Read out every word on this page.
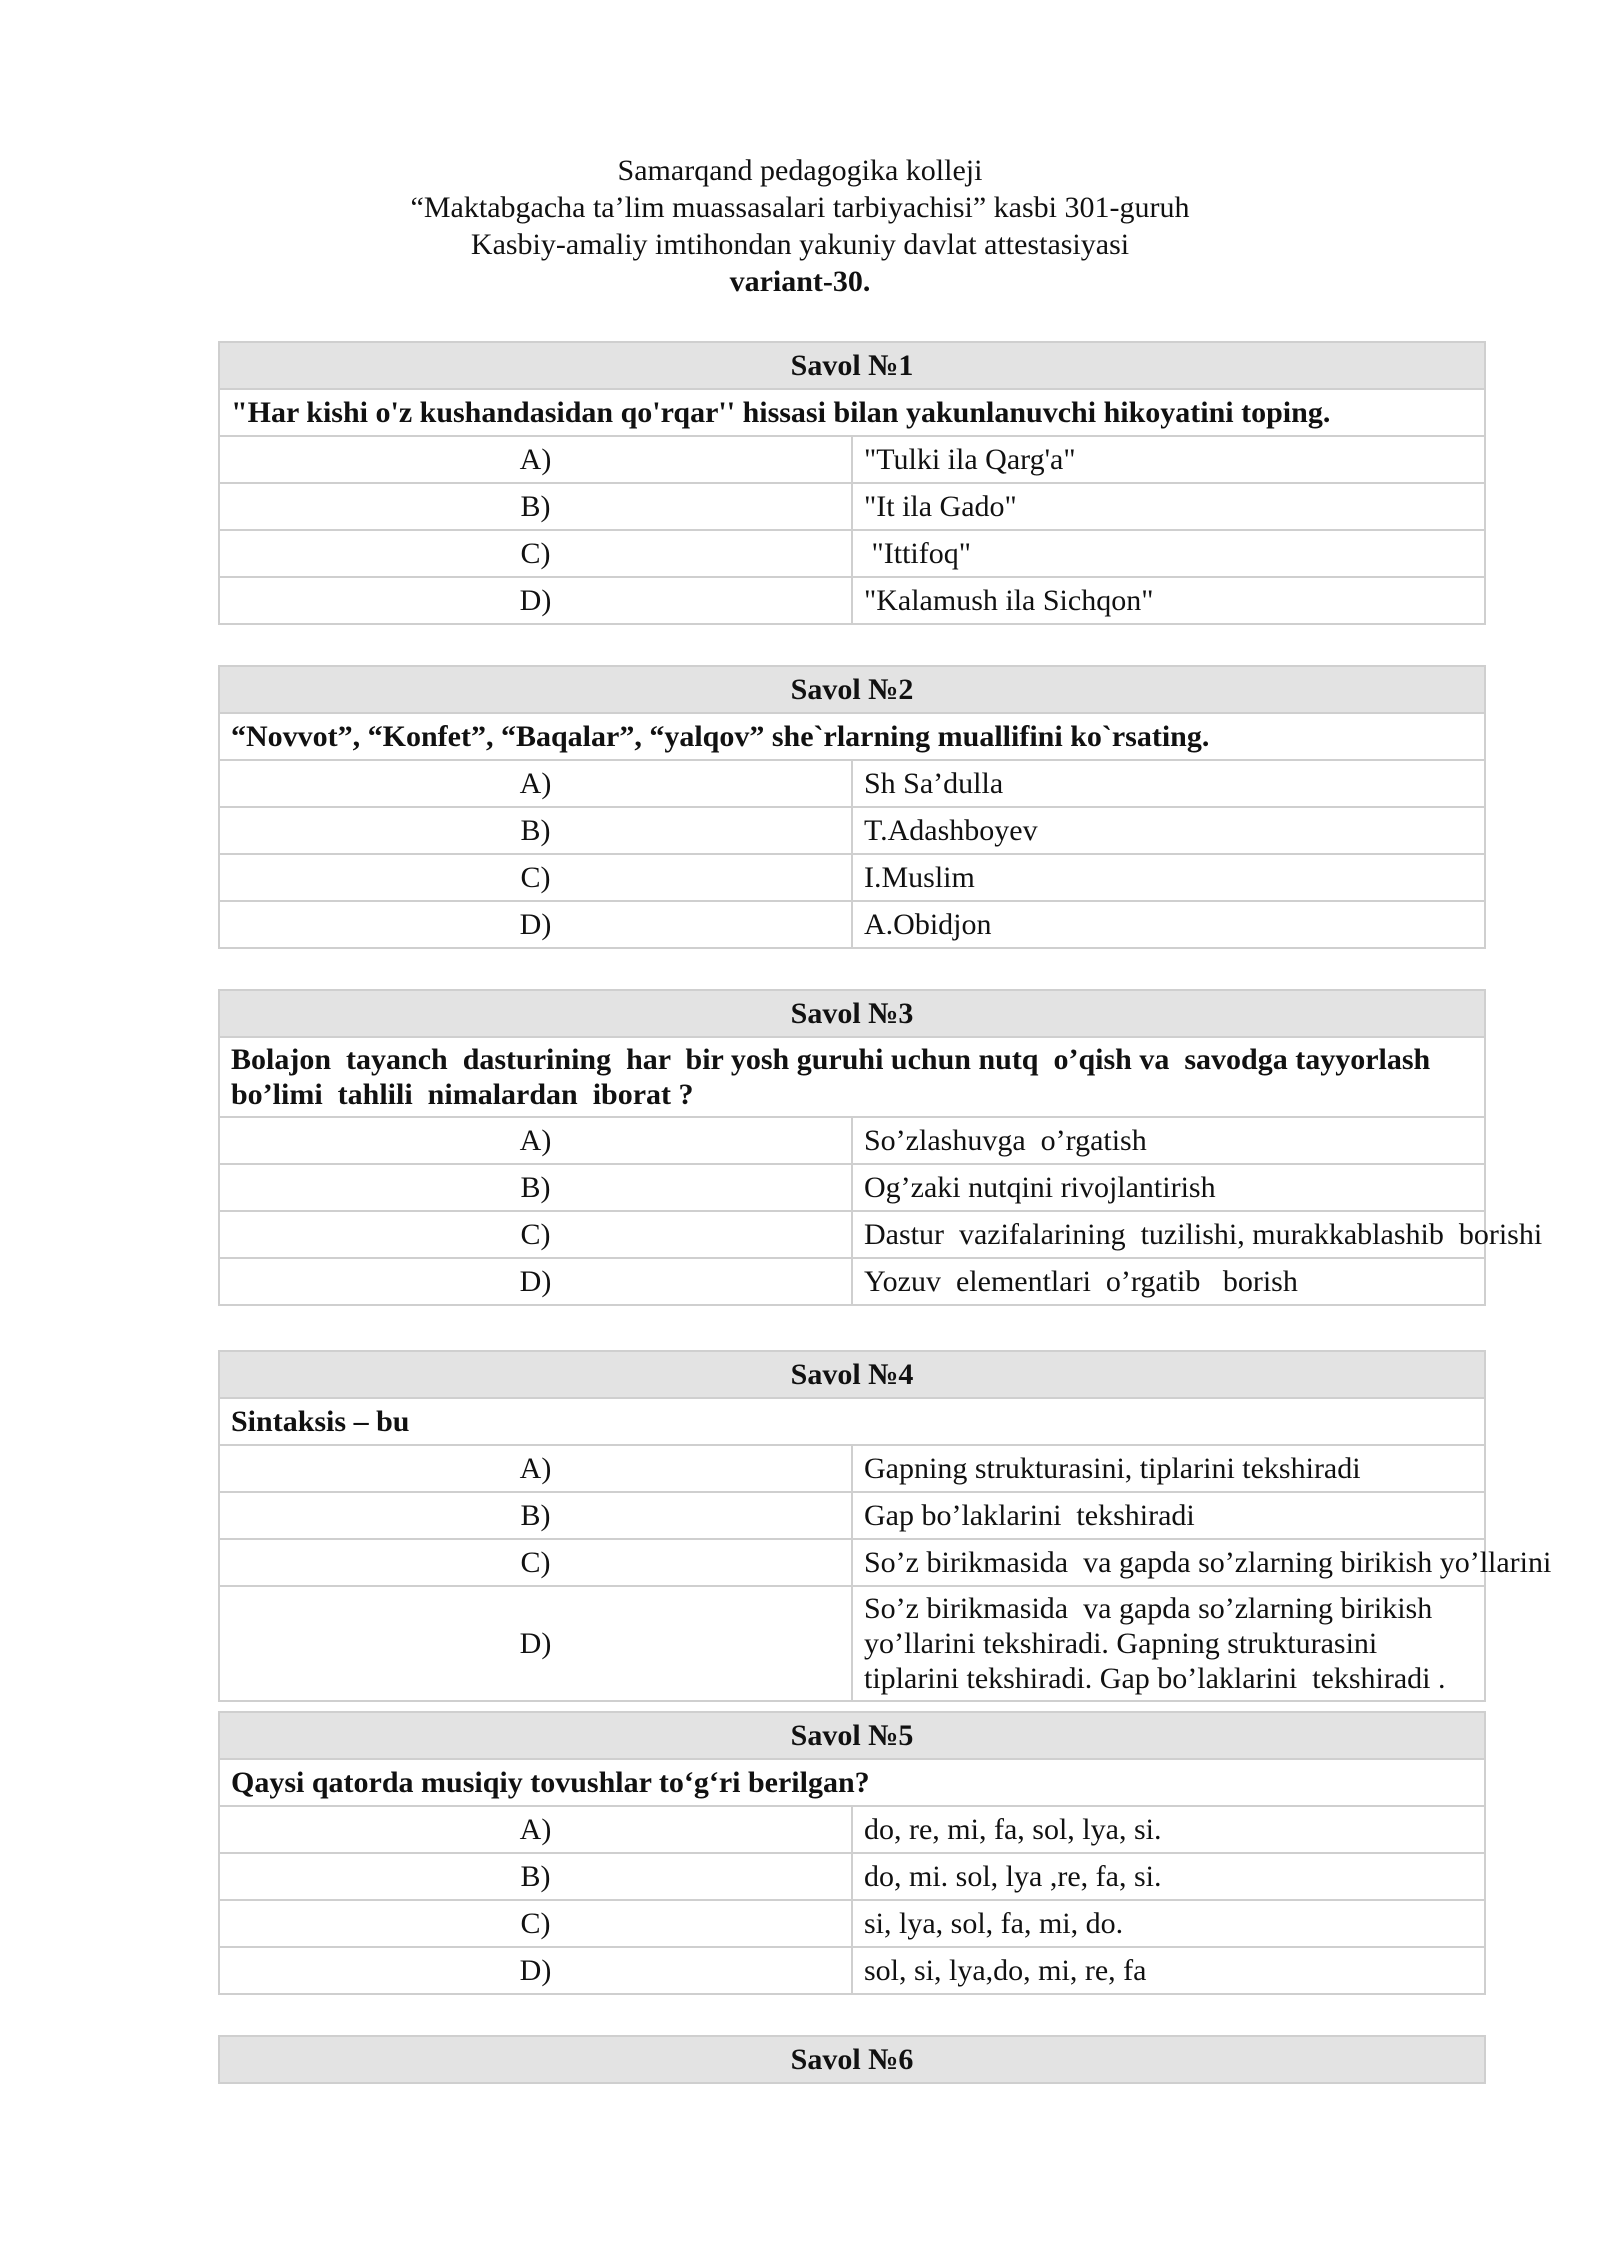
Samarqand pedagogika kolleji
“Maktabgacha ta’lim muassasalari tarbiyachisi” kasbi 301-guruh
Kasbiy-amaliy imtihondan yakuniy davlat attestasiyasi
variant-30.
Savol №1	
"Har kishi o'z kushandasidan qo'rqar'' hissasi bilan yakunlanuvchi hikoyatini toping.	
A)	"Tulki ila Qarg'a"
B)	"It ila Gado"
C)	"Ittifoq"
D)	"Kalamush ila Sichqon"
Savol №2	
“Novvot”, “Konfet”, “Baqalar”, “yalqov” she`rlarning muallifini ko`rsating.	
A)	Sh Sa’dulla
B)	T.Adashboyev
C)	I.Muslim
D)	A.Obidjon
Savol №3	
Bolajon  tayanch  dasturining  har  bir yosh guruhi uchun nutq  o’qish va  savodga tayyorlash  bo’limi  tahlili  nimalardan  iborat ?	
A)	So’zlashuvga  o’rgatish
B)	Og’zaki nutqini rivojlantirish
C)	Dastur  vazifalarining  tuzilishi, murakkablashib  borishi
D)	Yozuv  elementlari  o’rgatib   borish
Savol №4	
Sintaksis – bu	
A)	Gapning strukturasini, tiplarini tekshiradi
B)	Gap bo’laklarini  tekshiradi
C)	So’z birikmasida  va gapda so’zlarning birikish yo’llarini
D)	So’z birikmasida  va gapda so’zlarning birikish yo’llarini tekshiradi. Gapning strukturasini tiplarini tekshiradi. Gap bo’laklarini  tekshiradi .
Savol №5	
Qaysi qatorda musiqiy tovushlar to‘g‘ri berilgan?	
A)	do, re, mi, fa, sol, lya, si.
B)	do, mi. sol, lya ,re, fa, si.
C)	si, lya, sol, fa, mi, do.
D)	sol, si, lya,do, mi, re, fa
Savol №6
